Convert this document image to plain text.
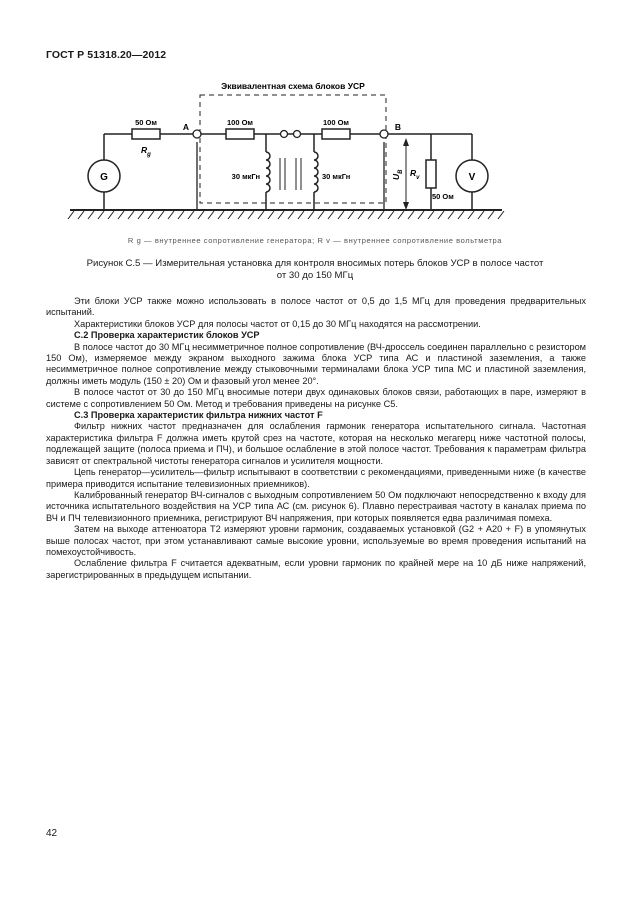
ГОСТ Р 51318.20—2012
Эквивалентная схема блоков УСР
G
50 Ом
$R_g$
A	100 Ом
30 мкГн	30 мкГн
100 Ом	B
$U_B$ $R_v$
50 Ом
V
R g — внутреннее сопротивление генератора; R v — внутреннее сопротивление вольтметра
Рисунок С.5 — Измерительная установка для контроля вносимых потерь блоков УСР в полосе частот
от 30 до 150 МГц

Эти блоки УСР также можно использовать в полосе частот от 0,5 до 1,5 МГц для проведения предварительных испытаний.

Характеристики блоков УСР для полосы частот от 0,15 до 30 МГц находятся на рассмотрении.

С.2 Проверка характеристик блоков УСР

В полосе частот до 30 МГц несимметричное полное сопротивление (ВЧ-дроссель соединен параллельно с резистором 150 Ом), измеряемое между экраном выходного зажима блока УСР типа АС и пластиной заземления, а также несимметричное полное сопротивление между стыковочными терминалами блока УСР типа МС и пластиной заземления, должны иметь модуль (150 ± 20) Ом и фазовый угол менее 20°.

В полосе частот от 30 до 150 МГц вносимые потери двух одинаковых блоков связи, работающих в паре, измеряют в системе с сопротивлением 50 Ом. Метод и требования приведены на рисунке С5.

С.3 Проверка характеристик фильтра нижних частот F

Фильтр нижних частот предназначен для ослабления гармоник генератора испытательного сигнала. Частотная характеристика фильтра F должна иметь крутой срез на частоте, которая на несколько мегагерц ниже частотной полосы, подлежащей защите (полоса приема и ПЧ), и большое ослабление в этой полосе частот. Требования к параметрам фильтра зависят от спектральной чистоты генератора сигналов и усилителя мощности.

Цепь генератор—усилитель—фильтр испытывают в соответствии с рекомендациями, приведенными ниже (в качестве примера приводится испытание телевизионных приемников).

Калиброванный генератор ВЧ-сигналов с выходным сопротивлением 50 Ом подключают непосредственно к входу для источника испытательного воздействия на УСР типа АС (см. рисунок 6). Плавно перестраивая частоту в каналах приема по ВЧ и ПЧ телевизионного приемника, регистрируют ВЧ напряжения, при которых появляется едва различимая помеха.

Затем на выходе аттенюатора T2 измеряют уровни гармоник, создаваемых установкой (G2 + A20 + F) в упомянутых выше полосах частот, при этом устанавливают самые высокие уровни, используемые во время проведения испытаний на помехоустойчивость.

Ослабление фильтра F считается адекватным, если уровни гармоник по крайней мере на 10 дБ ниже напряжений, зарегистрированных в предыдущем испытании.

42
